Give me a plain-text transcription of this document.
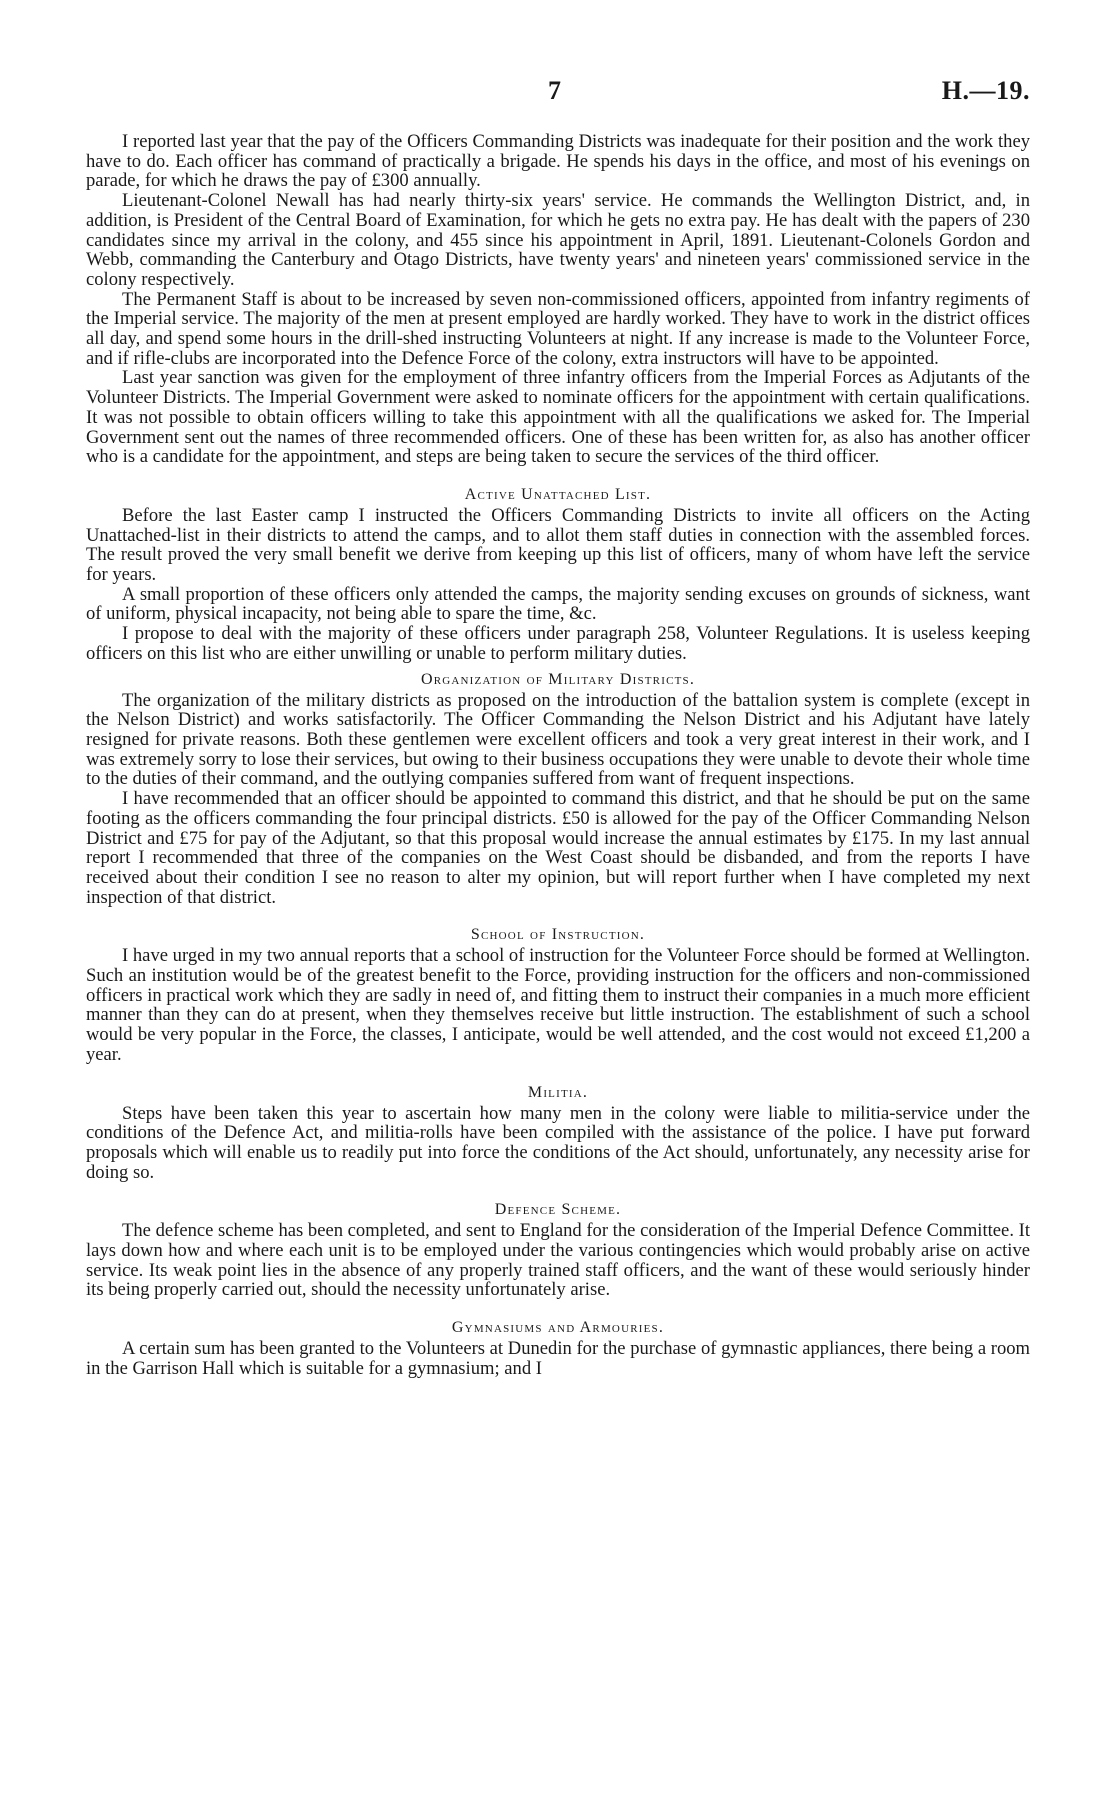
7	H.—19.

I reported last year that the pay of the Officers Commanding Districts was inadequate for their position and the work they have to do. Each officer has command of practically a brigade. He spends his days in the office, and most of his evenings on parade, for which he draws the pay of £300 annually.

Lieutenant-Colonel Newall has had nearly thirty-six years' service. He commands the Wellington District, and, in addition, is President of the Central Board of Examination, for which he gets no extra pay. He has dealt with the papers of 230 candidates since my arrival in the colony, and 455 since his appointment in April, 1891. Lieutenant-Colonels Gordon and Webb, commanding the Canterbury and Otago Districts, have twenty years' and nineteen years' commissioned service in the colony respectively.

The Permanent Staff is about to be increased by seven non-commissioned officers, appointed from infantry regiments of the Imperial service. The majority of the men at present employed are hardly worked. They have to work in the district offices all day, and spend some hours in the drill-shed instructing Volunteers at night. If any increase is made to the Volunteer Force, and if rifle-clubs are incorporated into the Defence Force of the colony, extra instructors will have to be appointed.

Last year sanction was given for the employment of three infantry officers from the Imperial Forces as Adjutants of the Volunteer Districts. The Imperial Government were asked to nominate officers for the appointment with certain qualifications. It was not possible to obtain officers willing to take this appointment with all the qualifications we asked for. The Imperial Government sent out the names of three recommended officers. One of these has been written for, as also has another officer who is a candidate for the appointment, and steps are being taken to secure the services of the third officer.

Active Unattached List.

Before the last Easter camp I instructed the Officers Commanding Districts to invite all officers on the Acting Unattached-list in their districts to attend the camps, and to allot them staff duties in connection with the assembled forces. The result proved the very small benefit we derive from keeping up this list of officers, many of whom have left the service for years.

A small proportion of these officers only attended the camps, the majority sending excuses on grounds of sickness, want of uniform, physical incapacity, not being able to spare the time, &c.

I propose to deal with the majority of these officers under paragraph 258, Volunteer Regulations. It is useless keeping officers on this list who are either unwilling or unable to perform military duties.

Organization of Military Districts.

The organization of the military districts as proposed on the introduction of the battalion system is complete (except in the Nelson District) and works satisfactorily. The Officer Commanding the Nelson District and his Adjutant have lately resigned for private reasons. Both these gentlemen were excellent officers and took a very great interest in their work, and I was extremely sorry to lose their services, but owing to their business occupations they were unable to devote their whole time to the duties of their command, and the outlying companies suffered from want of frequent inspections.

I have recommended that an officer should be appointed to command this district, and that he should be put on the same footing as the officers commanding the four principal districts. £50 is allowed for the pay of the Officer Commanding Nelson District and £75 for pay of the Adjutant, so that this proposal would increase the annual estimates by £175. In my last annual report I recommended that three of the companies on the West Coast should be disbanded, and from the reports I have received about their condition I see no reason to alter my opinion, but will report further when I have completed my next inspection of that district.

School of Instruction.

I have urged in my two annual reports that a school of instruction for the Volunteer Force should be formed at Wellington. Such an institution would be of the greatest benefit to the Force, providing instruction for the officers and non-commissioned officers in practical work which they are sadly in need of, and fitting them to instruct their companies in a much more efficient manner than they can do at present, when they themselves receive but little instruction. The establishment of such a school would be very popular in the Force, the classes, I anticipate, would be well attended, and the cost would not exceed £1,200 a year.

Militia.

Steps have been taken this year to ascertain how many men in the colony were liable to militia-service under the conditions of the Defence Act, and militia-rolls have been compiled with the assistance of the police. I have put forward proposals which will enable us to readily put into force the conditions of the Act should, unfortunately, any necessity arise for doing so.

Defence Scheme.

The defence scheme has been completed, and sent to England for the consideration of the Imperial Defence Committee. It lays down how and where each unit is to be employed under the various contingencies which would probably arise on active service. Its weak point lies in the absence of any properly trained staff officers, and the want of these would seriously hinder its being properly carried out, should the necessity unfortunately arise.

Gymnasiums and Armouries.

A certain sum has been granted to the Volunteers at Dunedin for the purchase of gymnastic appliances, there being a room in the Garrison Hall which is suitable for a gymnasium; and I
